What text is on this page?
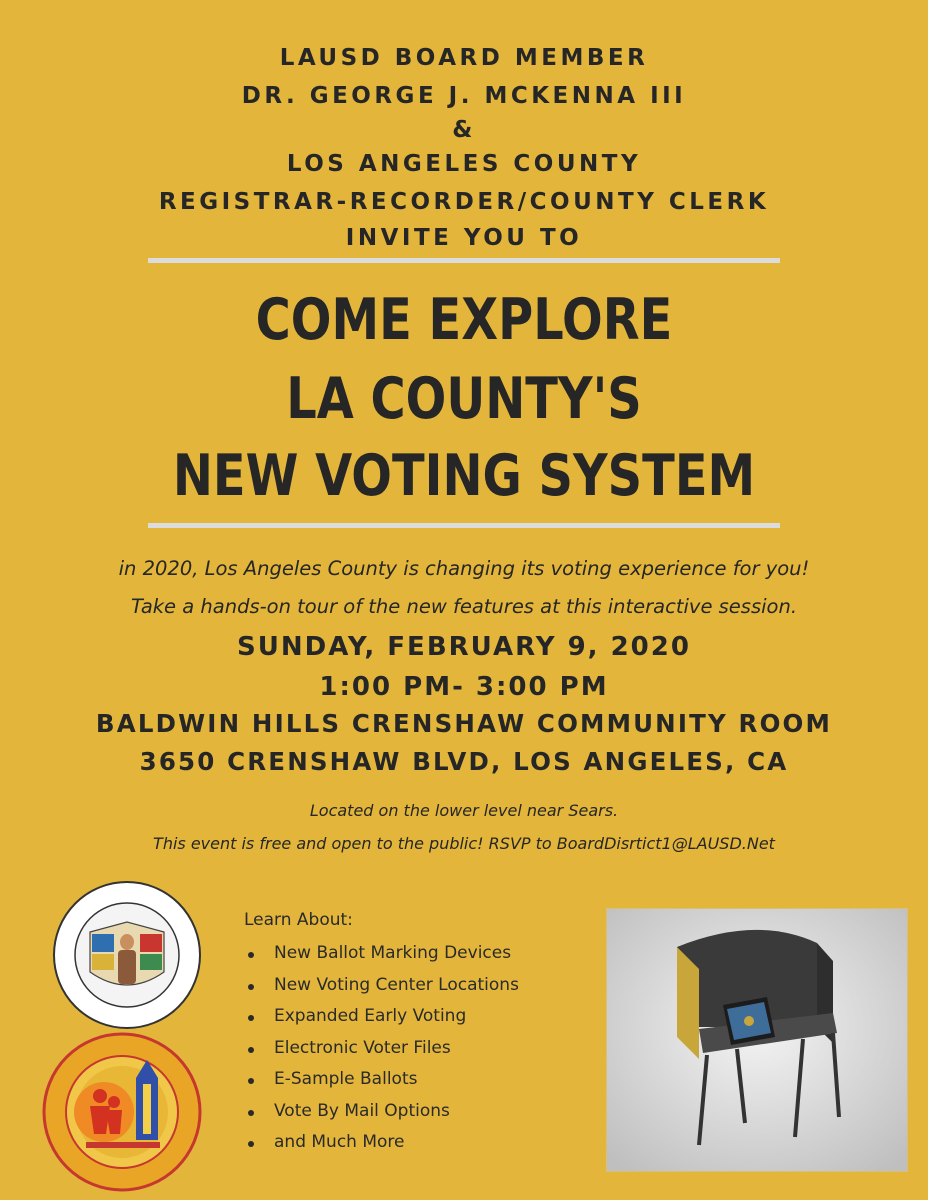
LAUSD BOARD MEMBER
DR. GEORGE J. MCKENNA III
&
LOS ANGELES COUNTY
REGISTRAR-RECORDER/COUNTY CLERK
INVITE YOU TO
COME EXPLORE
LA COUNTY'S
NEW VOTING SYSTEM
in 2020, Los Angeles County is changing its voting experience for you!
Take a hands-on tour of the new features at this interactive session.
SUNDAY, FEBRUARY 9, 2020
1:00 PM- 3:00 PM
BALDWIN HILLS CRENSHAW COMMUNITY ROOM
3650 CRENSHAW BLVD, LOS ANGELES, CA
Located on the lower level near Sears.
This event is free and open to the public! RSVP to BoardDisrtict1@LAUSD.Net
Learn About:
New Ballot Marking Devices
New Voting Center Locations
Expanded Early Voting
Electronic Voter Files
E-Sample Ballots
Vote By Mail Options
and Much More
